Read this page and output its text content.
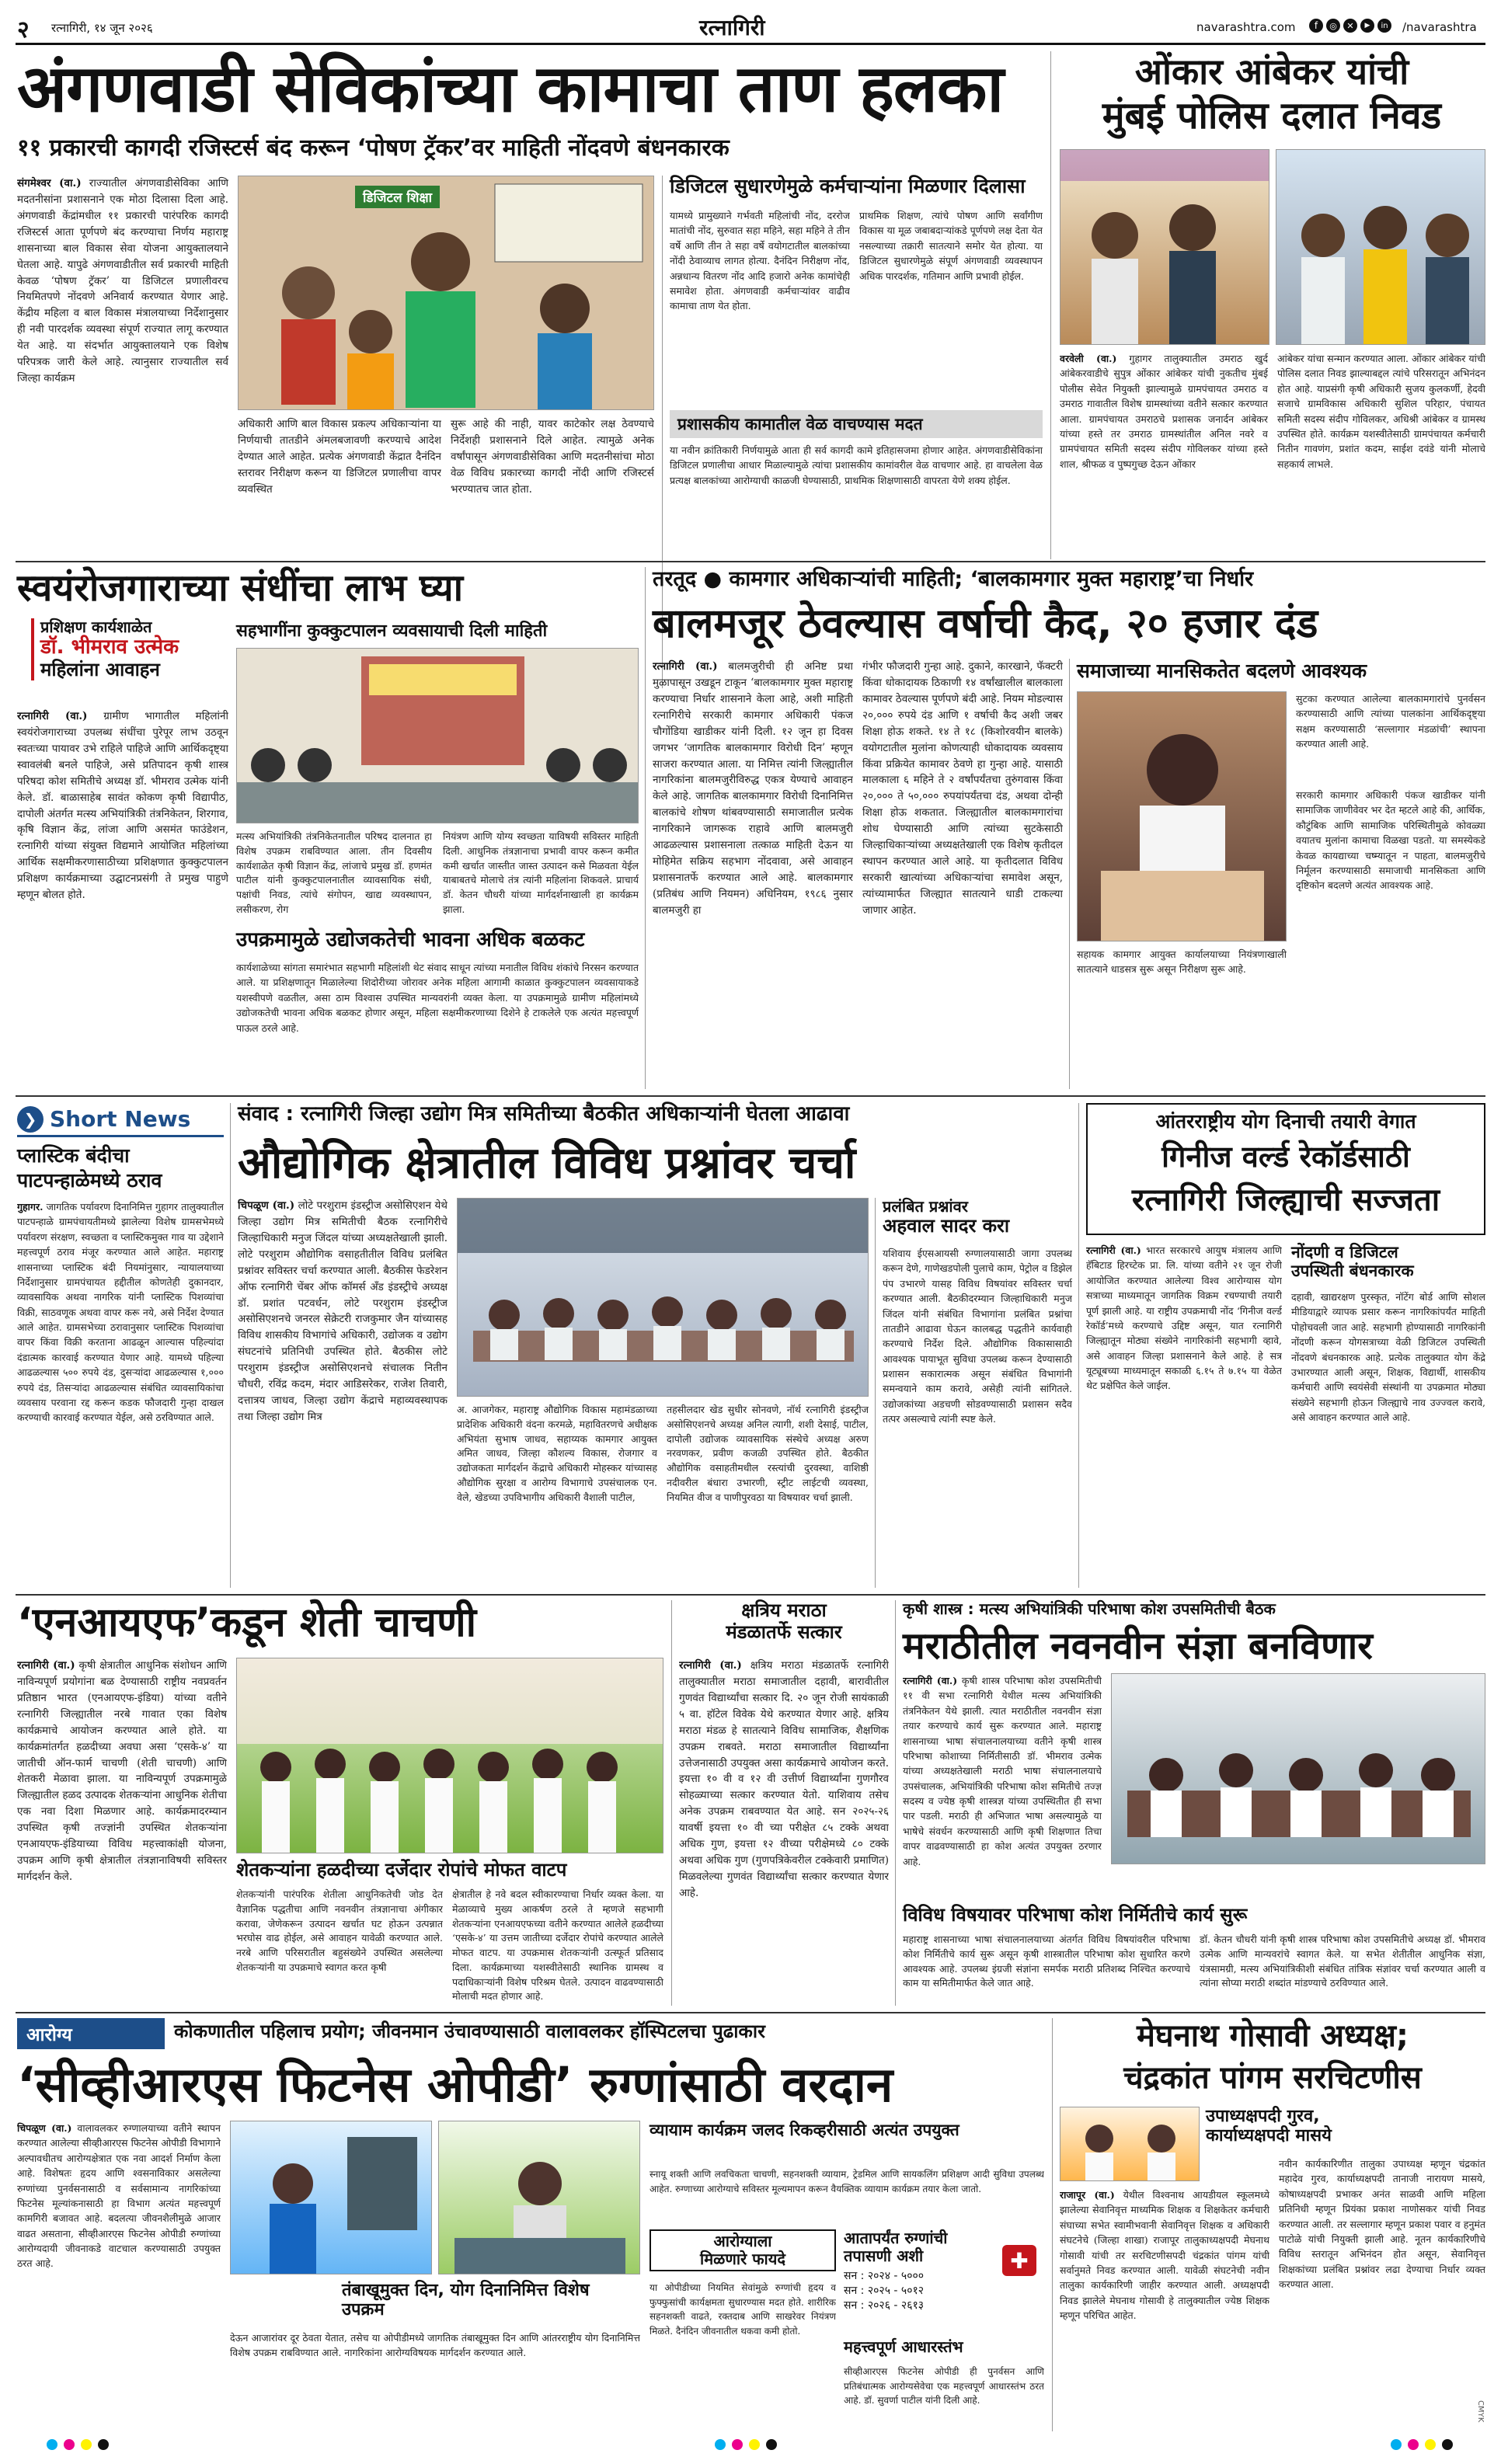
२ रत्नागिरी, १४ जून २०२६	रत्नागिरी	navarashtra.com	f	◎	✕	▶	in /navarashtra
अंगणवाडी सेविकांच्या कामाचा ताण हलका
११ प्रकारची कागदी रजिस्टर्स बंद करून ‘पोषण ट्रॅकर’वर माहिती नोंदवणे बंधनकारक
संगमेश्वर (वा.) राज्यातील अंगणवाडीसेविका आणि मदतनीसांना प्रशासनाने एक मोठा दिलासा दिला आहे. अंगणवाडी केंद्रांमधील ११ प्रकारची पारंपरिक कागदी रजिस्टर्स आता पूर्णपणे बंद करण्याचा निर्णय महाराष्ट्र शासनाच्या बाल विकास सेवा योजना आयुक्तालयाने घेतला आहे. यापुढे अंगणवाडीतील सर्व प्रकारची माहिती केवळ ‘पोषण ट्रॅकर’ या डिजिटल प्रणालीवरच नियमितपणे नोंदवणे अनिवार्य करण्यात येणार आहे. केंद्रीय महिला व बाल विकास मंत्रालयाच्या निर्देशानुसार ही नवी पारदर्शक व्यवस्था संपूर्ण राज्यात लागू करण्यात येत आहे. या संदर्भात आयुक्तालयाने एक विशेष परिपत्रक जारी केले आहे. त्यानुसार राज्यातील सर्व जिल्हा कार्यक्रम
डिजिटल शिक्षा
अधिकारी आणि बाल विकास प्रकल्प अधिकाऱ्यांना या निर्णयाची तातडीने अंमलबजावणी करण्याचे आदेश देण्यात आले आहेत. प्रत्येक अंगणवाडी केंद्रात दैनंदिन स्तरावर निरीक्षण करून या डिजिटल प्रणालीचा वापर व्यवस्थित
सुरू आहे की नाही, यावर काटेकोर लक्ष ठेवण्याचे निर्देशही प्रशासनाने दिले आहेत. त्यामुळे अनेक वर्षांपासून अंगणवाडीसेविका आणि मदतनीसांचा मोठा वेळ विविध प्रकारच्या कागदी नोंदी आणि रजिस्टर्स भरण्यातच जात होता.
डिजिटल सुधारणेमुळे कर्मचाऱ्यांना मिळणार दिलासा
यामध्ये प्रामुख्याने गर्भवती महिलांची नोंद, दररोज मातांची नोंद, सुरुवात सहा महिने, सहा महिने ते तीन वर्षे आणि तीन ते सहा वर्षे वयोगटातील बालकांच्या नोंदी ठेवाव्याच लागत होत्या. दैनंदिन निरीक्षण नोंद, अन्नधान्य वितरण नोंद आदि हजारो अनेक कामांचेही समावेश होता. अंगणवाडी कर्मचाऱ्यांवर वाढीव कामाचा ताण येत होता.
प्राथमिक शिक्षण, त्यांचे पोषण आणि सर्वांगीण विकास या मूळ जबाबदाऱ्यांकडे पूर्णपणे लक्ष देता येत नसल्याच्या तक्रारी सातत्याने समोर येत होत्या. या डिजिटल सुधारणेमुळे संपूर्ण अंगणवाडी व्यवस्थापन अधिक पारदर्शक, गतिमान आणि प्रभावी होईल.
प्रशासकीय कामातील वेळ वाचण्यास मदत
या नवीन क्रांतिकारी निर्णयामुळे आता ही सर्व कागदी कामे इतिहासजमा होणार आहेत. अंगणवाडीसेविकांना डिजिटल प्रणालीचा आधार मिळाल्यामुळे त्यांचा प्रशासकीय कामांवरील वेळ वाचणार आहे. हा वाचलेला वेळ प्रत्यक्ष बालकांच्या आरोग्याची काळजी घेण्यासाठी, प्राथमिक शिक्षणासाठी वापरता येणे शक्य होईल.
ओंकार आंबेकर यांची
मुंबई पोलिस दलात निवड
वरवेली (वा.) गुहागर तालुक्यातील उमराठ खुर्द आंबेकरवाडीचे सुपुत्र ओंकार आंबेकर यांची नुकतीच मुंबई पोलीस सेवेत नियुक्ती झाल्यामुळे ग्रामपंचायत उमराठ व उमराठ गावातील विशेष ग्रामस्थांच्या वतीने सत्कार करण्यात आला. ग्रामपंचायत उमराठचे प्रशासक जनार्दन आंबेकर यांच्या हस्ते तर उमराठ ग्रामस्थांतील अनिल नवरे व ग्रामपंचायत समिती सदस्य संदीप गोविलकर यांच्या हस्ते शाल, श्रीफळ व पुष्पगुच्छ देऊन ओंकार
आंबेकर यांचा सन्मान करण्यात आला. ओंकार आंबेकर यांची पोलिस दलात निवड झाल्याबद्दल त्यांचे परिसरातून अभिनंदन होत आहे. याप्रसंगी कृषी अधिकारी सुजय कुलकर्णी, हेदवी सजाचे ग्रामविकास अधिकारी सुशिल परिहार, पंचायत समिती सदस्य संदीप गोविलकर, अधिश्री आंबेकर व ग्रामस्थ उपस्थित होते. कार्यक्रम यशस्वीतेसाठी ग्रामपंचायत कर्मचारी नितीन गावणंग, प्रशांत कदम, साईश दवंडे यांनी मोलाचे सहकार्य लाभले.
स्वयंरोजगाराच्या संधींचा लाभ घ्या
प्रशिक्षण कार्यशाळेत
डॉ. भीमराव उत्मेक
महिलांना आवाहन
रत्नागिरी (वा.) ग्रामीण भागातील महिलांनी स्वयंरोजगाराच्या उपलब्ध संधींचा पुरेपूर लाभ उठवून स्वतःच्या पायावर उभे राहिले पाहिजे आणि आर्थिकदृष्ट्या स्वावलंबी बनले पाहिजे, असे प्रतिपादन कृषी शास्त्र परिषदा कोश समितीचे अध्यक्ष डॉ. भीमराव उत्मेक यांनी केले. डॉ. बाळासाहेब सावंत कोकण कृषी विद्यापीठ, दापोली अंतर्गत मत्स्य अभियांत्रिकी तंत्रनिकेतन, शिरगाव, कृषि विज्ञान केंद्र, लांजा आणि असमंत फाउंडेशन, रत्नागिरी यांच्या संयुक्त विद्यमाने आयोजित महिलांच्या आर्थिक सक्षमीकरणासाठीच्या प्रशिक्षणात कुक्कुटपालन प्रशिक्षण कार्यक्रमाच्या उद्घाटनप्रसंगी ते प्रमुख पाहुणे म्हणून बोलत होते.
सहभागींना कुक्कुटपालन व्यवसायाची दिली माहिती
मत्स्य अभियांत्रिकी तंत्रनिकेतनातील परिषद दालनात हा विशेष उपक्रम राबविण्यात आला. तीन दिवसीय कार्यशाळेत कृषी विज्ञान केंद्र, लांजाचे प्रमुख डॉ. हणमंत पाटील यांनी कुक्कुटपालनातील व्यावसायिक संधी, पक्षांची निवड, त्यांचे संगोपन, खाद्य व्यवस्थापन, लसीकरण, रोग
नियंत्रण आणि योग्य स्वच्छता याविषयी सविस्तर माहिती दिली. आधुनिक तंत्रज्ञानाचा प्रभावी वापर करून कमीत कमी खर्चात जास्तीत जास्त उत्पादन कसे मिळवता येईल याबाबतचे मोलाचे तंत्र त्यांनी महिलांना शिकवले. प्राचार्य डॉ. केतन चौधरी यांच्या मार्गदर्शनाखाली हा कार्यक्रम झाला.
उपक्रमामुळे उद्योजकतेची भावना अधिक बळकट
कार्यशाळेच्या सांगता समारंभात सहभागी महिलांशी थेट संवाद साधून त्यांच्या मनातील विविध शंकांचे निरसन करण्यात आले. या प्रशिक्षणातून मिळालेल्या शिदोरीच्या जोरावर अनेक महिला आगामी काळात कुक्कुटपालन व्यवसायाकडे यशस्वीपणे वळतील, असा ठाम विश्वास उपस्थित मान्यवरांनी व्यक्त केला. या उपक्रमामुळे ग्रामीण महिलांमध्ये उद्योजकतेची भावना अधिक बळकट होणार असून, महिला सक्षमीकरणाच्या दिशेने हे टाकलेले एक अत्यंत महत्त्वपूर्ण पाऊल ठरले आहे.
तरतूद ● कामगार अधिकाऱ्यांची माहिती; ‘बालकामगार मुक्त महाराष्ट्र’चा निर्धार
बालमजूर ठेवल्यास वर्षाची कैद, २० हजार दंड
रत्नागिरी (वा.) बालमजुरीची ही अनिष्ट प्रथा मुळापासून उखडून टाकून ‘बालकामगार मुक्त महाराष्ट्र करण्याचा निर्धार शासनाने केला आहे, अशी माहिती रत्नागिरीचे सरकारी कामगार अधिकारी पंकज चौगोंडिया खाडीकर यांनी दिली. १२ जून हा दिवस जगभर ‘जागतिक बालकामगार विरोधी दिन’ म्हणून साजरा करण्यात आला. या निमित्त त्यांनी जिल्ह्यातील नागरिकांना बालमजुरीविरुद्ध एकत्र येण्याचे आवाहन केले आहे. जागतिक बालकामगार विरोधी दिनानिमित्त बालकांचे शोषण थांबवण्यासाठी समाजातील प्रत्येक नागरिकाने जागरूक राहावे आणि बालमजुरी आढळल्यास प्रशासनाला तत्काळ माहिती देऊन या मोहिमेत सक्रिय सहभाग नोंदवावा, असे आवाहन प्रशासनातर्फे करण्यात आले आहे. बालकामगार (प्रतिबंध आणि नियमन) अधिनियम, १९८६ नुसार बालमजुरी हा
गंभीर फौजदारी गुन्हा आहे. दुकाने, कारखाने, फॅक्टरी किंवा धोकादायक ठिकाणी १४ वर्षांखालील बालकाला कामावर ठेवल्यास पूर्णपणे बंदी आहे. नियम मोडल्यास २०,००० रुपये दंड आणि १ वर्षाची कैद अशी जबर शिक्षा होऊ शकते. १४ ते १८ (किशोरवयीन बालके) वयोगटातील मुलांना कोणत्याही धोकादायक व्यवसाय किंवा प्रक्रियेत कामावर ठेवणे हा गुन्हा आहे. यासाठी मालकाला ६ महिने ते २ वर्षांपर्यंतचा तुरुंगवास किंवा २०,००० ते ५०,००० रुपयांपर्यंतचा दंड, अथवा दोन्ही शिक्षा होऊ शकतात. जिल्ह्यातील बालकामगारांचा शोध घेण्यासाठी आणि त्यांच्या सुटकेसाठी जिल्हाधिकाऱ्यांच्या अध्यक्षतेखाली एक विशेष कृतीदल स्थापन करण्यात आले आहे. या कृतीदलात विविध सरकारी खात्यांच्या अधिकाऱ्यांचा समावेश असून, त्यांच्यामार्फत जिल्ह्यात सातत्याने धाडी टाकल्या जाणार आहेत.
समाजाच्या मानसिकतेत बदलणे आवश्यक
सुटका करण्यात आलेल्या बालकामगारांचे पुनर्वसन करण्यासाठी आणि त्यांच्या पालकांना आर्थिकदृष्ट्या सक्षम करण्यासाठी ‘सल्लागार मंडळांची’ स्थापना करण्यात आली आहे.
सरकारी कामगार अधिकारी पंकज खाडीकर यांनी सामाजिक जाणीवेवर भर देत म्हटले आहे की, आर्थिक, कौटुंबिक आणि सामाजिक परिस्थितीमुळे कोवळ्या वयातच मुलांना कामाचा विळखा पडतो. या समस्येकडे केवळ कायद्याच्या चष्म्यातून न पाहता, बालमजुरीचे निर्मूलन करण्यासाठी समाजाची मानसिकता आणि दृष्टिकोन बदलणे अत्यंत आवश्यक आहे.
सहायक कामगार आयुक्त कार्यालयाच्या नियंत्रणाखाली सातत्याने धाडसत्र सुरू असून निरीक्षण सुरू आहे.
❯ Short News
प्लास्टिक बंदीचा
पाटपन्हाळेमध्ये ठराव
गुहागर. जागतिक पर्यावरण दिनानिमित्त गुहागर तालुक्यातील पाटपन्हाळे ग्रामपंचायतीमध्ये झालेल्या विशेष ग्रामसभेमध्ये पर्यावरण संरक्षण, स्वच्छता व प्लास्टिकमुक्त गाव या उद्देशाने महत्त्वपूर्ण ठराव मंजूर करण्यात आले आहेत. महाराष्ट्र शासनाच्या प्लास्टिक बंदी नियमांनुसार, न्यायालयाच्या निर्देशानुसार ग्रामपंचायत हद्दीतील कोणतेही दुकानदार, व्यावसायिक अथवा नागरिक यांनी प्लास्टिक पिशव्यांचा विक्री, साठवणूक अथवा वापर करू नये, असे निर्देश देण्यात आले आहेत. ग्रामसभेच्या ठरावानुसार प्लास्टिक पिशव्यांचा वापर किंवा विक्री करताना आढळून आल्यास पहिल्यांदा दंडात्मक कारवाई करण्यात येणार आहे. यामध्ये पहिल्या आढळल्यास ५०० रुपये दंड, दुसऱ्यांदा आढळल्यास १,००० रुपये दंड, तिसऱ्यांदा आढळल्यास संबंधित व्यावसायिकांचा व्यवसाय परवाना रद्द करून कडक फौजदारी गुन्हा दाखल करण्याची कारवाई करण्यात येईल, असे ठरविण्यात आले.
संवाद : रत्नागिरी जिल्हा उद्योग मित्र समितीच्या बैठकीत अधिकाऱ्यांनी घेतला आढावा
औद्योगिक क्षेत्रातील विविध प्रश्नांवर चर्चा
चिपळूण (वा.) लोटे परशुराम इंडस्ट्रीज असोसिएशन येथे जिल्हा उद्योग मित्र समितीची बैठक रत्नागिरीचे जिल्हाधिकारी मनुज जिंदल यांच्या अध्यक्षतेखाली झाली. लोटे परशुराम औद्योगिक वसाहतीतील विविध प्रलंबित प्रश्नांवर सविस्तर चर्चा करण्यात आली. बैठकीस फेडरेशन ऑफ रत्नागिरी चेंबर ऑफ कॉमर्स अँड इंडस्ट्रीचे अध्यक्ष डॉ. प्रशांत पटवर्धन, लोटे परशुराम इंडस्ट्रीज असोसिएशनचे जनरल सेक्रेटरी राजकुमार जैन यांच्यासह विविध शासकीय विभागांचे अधिकारी, उद्योजक व उद्योग संघटनांचे प्रतिनिधी उपस्थित होते. बैठकीस लोटे परशुराम इंडस्ट्रीज असोसिएशनचे संचालक नितीन चौधरी, रविंद्र कदम, मंदार आडिसरेकर, राजेश तिवारी, दत्तात्रय जाधव, जिल्हा उद्योग केंद्राचे महाव्यवस्थापक तथा जिल्हा उद्योग मित्र
अ. आजगेकर, महाराष्ट्र औद्योगिक विकास महामंडळाच्या प्रादेशिक अधिकारी वंदना करमळे, महावितरणचे अधीक्षक अभियंता सुभाष जाधव, सहाय्यक कामगार आयुक्त अमित जाधव, जिल्हा कौशल्य विकास, रोजगार व उद्योजकता मार्गदर्शन केंद्राचे अधिकारी मोहस्कर यांच्यासह औद्योगिक सुरक्षा व आरोग्य विभागाचे उपसंचालक एन. वेले, खेडच्या उपविभागीय अधिकारी वैशाली पाटील,
तहसीलदार खेड सुधीर सोनवणे, नॉर्थ रत्नागिरी इंडस्ट्रीज असोसिएशनचे अध्यक्ष अनिल त्यागी, शशी देसाई, पाटील, दापोली उद्योजक व्यावसायिक संस्थेचे अध्यक्ष अरुण नरवणकर, प्रवीण कजळी उपस्थित होते. बैठकीत औद्योगिक वसाहतीमधील रस्त्यांची दुरवस्था, वाशिष्ठी नदीवरील बंधारा उभारणी, स्ट्रीट लाईटची व्यवस्था, नियमित वीज व पाणीपुरवठा या विषयावर चर्चा झाली.
प्रलंबित प्रश्नांवर
अहवाल सादर करा
यशिवाय ईएसआयसी रुग्णालयासाठी जागा उपलब्ध करून देणे, गाणेखडपोली पुलाचे काम, पेट्रोल व डिझेल पंप उभारणे यासह विविध विषयांवर सविस्तर चर्चा करण्यात आली. बैठकीदरम्यान जिल्हाधिकारी मनुज जिंदल यांनी संबंधित विभागांना प्रलंबित प्रश्नांचा तातडीने आढावा घेऊन कालबद्ध पद्धतीने कार्यवाही करण्याचे निर्देश दिले. औद्योगिक विकासासाठी आवश्यक पायाभूत सुविधा उपलब्ध करून देण्यासाठी प्रशासन सकारात्मक असून संबंधित विभागांनी समन्वयाने काम करावे, असेही त्यांनी सांगितले. उद्योजकांच्या अडचणी सोडवण्यासाठी प्रशासन सदैव तत्पर असल्याचे त्यांनी स्पष्ट केले.
आंतरराष्ट्रीय योग दिनाची तयारी वेगात
गिनीज वर्ल्ड रेकॉर्डसाठी
रत्नागिरी जिल्ह्याची सज्जता
रत्नागिरी (वा.) भारत सरकारचे आयुष मंत्रालय आणि हॅबिटाड हिरच्टेक प्रा. लि. यांच्या वतीने २१ जून रोजी आयोजित करण्यात आलेल्या विश्व आरोग्यास योग सत्राच्या माध्यमातून जागतिक विक्रम रचण्याची तयारी पूर्ण झाली आहे. या राष्ट्रीय उपक्रमाची नोंद ‘गिनीज वर्ल्ड रेकॉर्ड’मध्ये करण्याचे उद्दिष्ट असून, यात रत्नागिरी जिल्ह्यातून मोठ्या संख्येने नागरिकांनी सहभागी व्हावे, असे आवाहन जिल्हा प्रशासनाने केले आहे. हे सत्र यूट्यूबच्या माध्यमातून सकाळी ६.१५ ते ७.१५ या वेळेत थेट प्रक्षेपित केले जाईल.
नोंदणी व डिजिटल
उपस्थिती बंधनकारक
दहावी, खाद्यरक्षण पुरस्कृत, नॉटेंग बोर्ड आणि सोशल मीडियाद्वारे व्यापक प्रसार करून नागरिकांपर्यंत माहिती पोहोचवली जात आहे. सहभागी होण्यासाठी नागरिकांनी नोंदणी करून योगसत्राच्या वेळी डिजिटल उपस्थिती नोंदवणे बंधनकारक आहे. प्रत्येक तालुक्यात योग केंद्रे उभारण्यात आली असून, शिक्षक, विद्यार्थी, शासकीय कर्मचारी आणि स्वयंसेवी संस्थांनी या उपक्रमात मोठ्या संख्येने सहभागी होऊन जिल्ह्याचे नाव उज्ज्वल करावे, असे आवाहन करण्यात आले आहे.
‘एनआयएफ’कडून शेती चाचणी
रत्नागिरी (वा.) कृषी क्षेत्रातील आधुनिक संशोधन आणि नाविन्यपूर्ण प्रयोगांना बळ देण्यासाठी राष्ट्रीय नवप्रवर्तन प्रतिष्ठान भारत (एनआयएफ-इंडिया) यांच्या वतीने रत्नागिरी जिल्ह्यातील नरबे गावात एका विशेष कार्यक्रमाचे आयोजन करण्यात आले होते. या कार्यक्रमांतर्गत हळदीच्या अवघा असा ‘एसके-४’ या जातीची ऑन-फार्म चाचणी (शेती चाचणी) आणि शेतकरी मेळावा झाला. या नाविन्यपूर्ण उपक्रमामुळे जिल्ह्यातील हळद उत्पादक शेतकऱ्यांना आधुनिक शेतीचा एक नवा दिशा मिळणार आहे. कार्यक्रमादरम्यान उपस्थित कृषी तज्ज्ञांनी उपस्थित शेतकऱ्यांना एनआयएफ-इंडियाच्या विविध महत्त्वाकांक्षी योजना, उपक्रम आणि कृषी क्षेत्रातील तंत्रज्ञानाविषयी सविस्तर मार्गदर्शन केले.	शेतकऱ्यांना हळदीच्या दर्जेदार रोपांचे मोफत वाटप
शेतकऱ्यांनी पारंपरिक शेतीला आधुनिकतेची जोड देत वैज्ञानिक पद्धतीचा आणि नवनवीन तंत्रज्ञानाचा अंगीकार करावा, जेणेकरून उत्पादन खर्चात घट होऊन उत्पन्नात भरघोस वाढ होईल, असे आवाहन यावेळी करण्यात आले. नरबे आणि परिसरातील बहुसंख्येने उपस्थित असलेल्या शेतकऱ्यांनी या उपक्रमाचे स्वागत करत कृषी
क्षेत्रातील हे नवे बदल स्वीकारण्याचा निर्धार व्यक्त केला. या मेळाव्याचे मुख्य आकर्षण ठरले ते म्हणजे सहभागी शेतकऱ्यांना एनआयएफच्या वतीने करण्यात आलेले हळदीच्या ‘एसके-४’ या उत्तम जातीच्या दर्जेदार रोपांचे करण्यात आलेले मोफत वाटप. या उपक्रमास शेतकऱ्यांनी उत्स्फूर्त प्रतिसाद दिला. कार्यक्रमाच्या यशस्वीतेसाठी स्थानिक ग्रामस्थ व पदाधिकाऱ्यांनी विशेष परिश्रम घेतले. उत्पादन वाढवण्यासाठी मोलाची मदत होणार आहे.
क्षत्रिय मराठा
मंडळातर्फे सत्कार
रत्नागिरी (वा.) क्षत्रिय मराठा मंडळातर्फे रत्नागिरी तालुक्यातील मराठा समाजातील दहावी, बारावीतील गुणवंत विद्यार्थ्यांचा सत्कार दि. २० जून रोजी सायंकाळी ५ वा. हॉटेल विवेक येथे करण्यात येणार आहे. क्षत्रिय मराठा मंडळ हे सातत्याने विविध सामाजिक, शैक्षणिक उपक्रम राबवते. मराठा समाजातील विद्यार्थ्यांना उत्तेजनासाठी उपयुक्त असा कार्यक्रमाचे आयोजन करते. इयत्ता १० वी व १२ वी उत्तीर्ण विद्यार्थ्यांना गुणगौरव सोहळ्याच्या सत्कार करण्यात येतो. याशिवाय तसेच अनेक उपक्रम राबवण्यात येत आहे. सन २०२५-२६ यावर्षी इयत्ता १० वी च्या परीक्षेत ८५ टक्के अथवा अधिक गुण, इयत्ता १२ वीच्या परीक्षेमध्ये ८० टक्के अथवा अधिक गुण (गुणपत्रिकेवरील टक्केवारी प्रमाणित) मिळवलेल्या गुणवंत विद्यार्थ्यांचा सत्कार करण्यात येणार आहे.
कृषी शास्त्र : मत्स्य अभियांत्रिकी परिभाषा कोश उपसमितीची बैठक
मराठीतील नवनवीन संज्ञा बनविणार
रत्नागिरी (वा.) कृषी शास्त्र परिभाषा कोश उपसमितीची ११ वी सभा रत्नागिरी येथील मत्स्य अभियांत्रिकी तंत्रनिकेतन येथे झाली. त्यात मराठीतील नवनवीन संज्ञा तयार करण्याचे कार्य सुरू करण्यात आले. महाराष्ट्र शासनाच्या भाषा संचालनालयाच्या वतीने कृषी शास्त्र परिभाषा कोशाच्या निर्मितीसाठी डॉ. भीमराव उत्मेक यांच्या अध्यक्षतेखाली मराठी भाषा संचालनालयाचे उपसंचालक, अभियांत्रिकी परिभाषा कोश समितीचे तज्ज्ञ सदस्य व ज्येष्ठ कृषी शास्त्रज्ञ यांच्या उपस्थितीत ही सभा पार पडली. मराठी ही अभिजात भाषा असल्यामुळे या भाषेचे संवर्धन करण्यासाठी आणि कृषी शिक्षणात तिचा वापर वाढवण्यासाठी हा कोश अत्यंत उपयुक्त ठरणार आहे.
विविध विषयावर परिभाषा कोश निर्मितीचे कार्य सुरू
महाराष्ट्र शासनाच्या भाषा संचालनालयाच्या अंतर्गत विविध विषयांवरील परिभाषा कोश निर्मितीचे कार्य सुरू असून कृषी शास्त्रातील परिभाषा कोश सुधारित करणे आवश्यक आहे. उपलब्ध इंग्रजी संज्ञांना समर्पक मराठी प्रतिशब्द निश्चित करण्याचे काम या समितीमार्फत केले जात आहे.
डॉ. केतन चौधरी यांनी कृषी शास्त्र परिभाषा कोश उपसमितीचे अध्यक्ष डॉ. भीमराव उत्मेक आणि मान्यवरांचे स्वागत केले. या सभेत शेतीतील आधुनिक संज्ञा, यंत्रसामग्री, मत्स्य अभियांत्रिकीशी संबंधित तांत्रिक संज्ञांवर चर्चा करण्यात आली व त्यांना सोप्या मराठी शब्दांत मांडण्याचे ठरविण्यात आले.
आरोग्य	कोकणातील पहिलाच प्रयोग; जीवनमान उंचावण्यासाठी वालावलकर हॉस्पिटलचा पुढाकार
‘सीव्हीआरएस फिटनेस ओपीडी’ रुग्णांसाठी वरदान
चिपळूण (वा.) वालावलकर रुग्णालयाच्या वतीने स्थापन करण्यात आलेल्या सीव्हीआरएस फिटनेस ओपीडी विभागाने अल्पावधीतच आरोग्यक्षेत्रात एक नवा आदर्श निर्माण केला आहे. विशेषतः हृदय आणि श्वसनाविकार असलेल्या रुग्णांच्या पुनर्वसनासाठी व सर्वसामान्य नागरिकांच्या फिटनेस मूल्यांकनासाठी हा विभाग अत्यंत महत्त्वपूर्ण कामगिरी बजावत आहे. बदलत्या जीवनशैलीमुळे आजार वाढत असताना, सीव्हीआरएस फिटनेस ओपीडी रुग्णांच्या आरोग्यदायी जीवनाकडे वाटचाल करण्यासाठी उपयुक्त ठरत आहे.
व्यायाम कार्यक्रम जलद रिकव्हरीसाठी अत्यंत उपयुक्त
स्नायू शक्ती आणि लवचिकता चाचणी, सहनशक्ती व्यायाम, ट्रेडमिल आणि सायकलिंग प्रशिक्षण आदी सुविधा उपलब्ध आहेत. रुग्णाच्या आरोग्याचे सविस्तर मूल्यमापन करून वैयक्तिक व्यायाम कार्यक्रम तयार केला जातो.
तंबाखूमुक्त दिन, योग दिनानिमित्त विशेष उपक्रम
देऊन आजारांवर दूर ठेवता येतात, तसेच या ओपीडीमध्ये जागतिक तंबाखूमुक्त दिन आणि आंतरराष्ट्रीय योग दिनानिमित्त विशेष उपक्रम राबविण्यात आले. नागरिकांना आरोग्यविषयक मार्गदर्शन करण्यात आले.
आतापर्यंत रुग्णांची
तपासणी अशी
सन : २०२४ - ५०००
सन : २०२५ - ५०१२
सन : २०२६ - २६१३
✚
आरोग्याला
मिळणारे फायदे
या ओपीडीच्या नियमित सेवांमुळे रुग्णांची हृदय व फुफ्फुसांची कार्यक्षमता सुधारण्यास मदत होते. शारीरिक सहनशक्ती वाढते, रक्तदाब आणि साखरेवर नियंत्रण मिळते. दैनंदिन जीवनातील थकवा कमी होतो.
महत्त्वपूर्ण आधारस्तंभ
सीव्हीआरएस फिटनेस ओपीडी ही पुनर्वसन आणि प्रतिबंधात्मक आरोग्यसेवेचा एक महत्त्वपूर्ण आधारस्तंभ ठरत आहे. डॉ. सुवर्णा पाटील यांनी दिली आहे.
मेघनाथ गोसावी अध्यक्ष;
चंद्रकांत पांगम सरचिटणीस
राजापूर (वा.) येथील विश्वनाथ आयडीयल स्कूलमध्ये झालेल्या सेवानिवृत्त माध्यमिक शिक्षक व शिक्षकेतर कर्मचारी संघाच्या सभेत स्वामीभवानी सेवानिवृत्त शिक्षक व अधिकारी संघटनेचे (जिल्हा शाखा) राजापूर तालुकाध्यक्षपदी मेघनाथ गोसावी यांची तर सरचिटणीसपदी चंद्रकांत पांगम यांची सर्वानुमते निवड करण्यात आली. यावेळी संघटनेची नवीन तालुका कार्यकारिणी जाहीर करण्यात आली. अध्यक्षपदी निवड झालेले मेघनाथ गोसावी हे तालुक्यातील ज्येष्ठ शिक्षक म्हणून परिचित आहेत.
उपाध्यक्षपदी गुरव,
कार्याध्यक्षपदी मासये
नवीन कार्यकारिणीत तालुका उपाध्यक्ष म्हणून चंद्रकांत महादेव गुरव, कार्याध्यक्षपदी तानाजी नारायण मासये, कोषाध्यक्षपदी प्रभाकर अनंत साळवी आणि महिला प्रतिनिधी म्हणून प्रियंका प्रकाश नाणोसकर यांची निवड करण्यात आली. तर सल्लागार म्हणून प्रकाश पवार व हनुमंत पाटोळे यांची नियुक्ती झाली आहे. नूतन कार्यकारिणीचे विविध स्तरातून अभिनंदन होत असून, सेवानिवृत्त शिक्षकांच्या प्रलंबित प्रश्नांवर लढा देण्याचा निर्धार व्यक्त करण्यात आला.
CMYK
